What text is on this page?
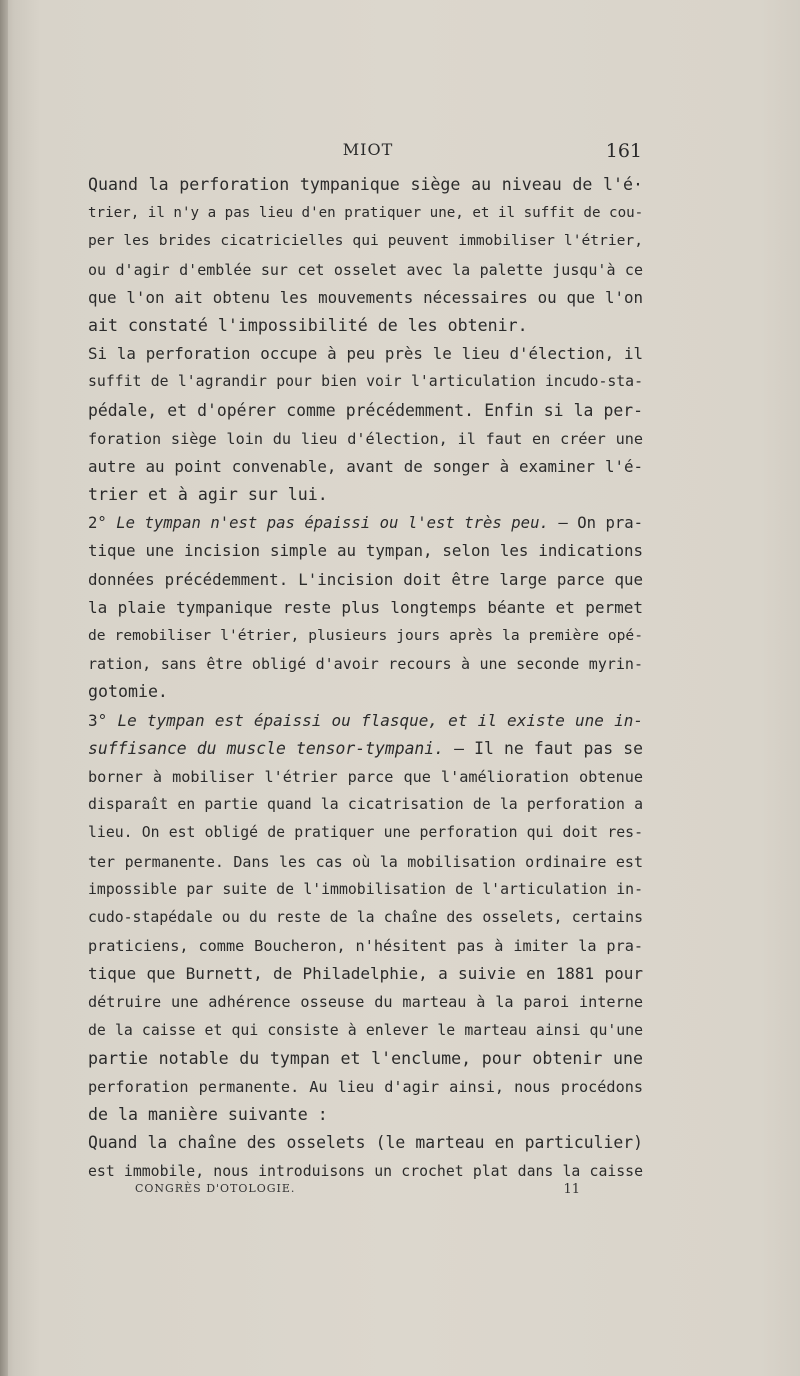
MIOT	161
Quand la perforation tympanique siège au niveau de l'é·
trier, il n'y a pas lieu d'en pratiquer une, et il suffit de cou-
per les brides cicatricielles qui peuvent immobiliser l'étrier,
ou d'agir d'emblée sur cet osselet avec la palette jusqu'à ce
que l'on ait obtenu les mouvements nécessaires ou que l'on
ait constaté l'impossibilité de les obtenir.
Si la perforation occupe à peu près le lieu d'élection, il
suffit de l'agrandir pour bien voir l'articulation incudo-sta-
pédale, et d'opérer comme précédemment. Enfin si la per-
foration siège loin du lieu d'élection, il faut en créer une
autre au point convenable, avant de songer à examiner l'é-
trier et à agir sur lui.
2° Le tympan n'est pas épaissi ou l'est très peu. — On pra-
tique une incision simple au tympan, selon les indications
données précédemment. L'incision doit être large parce que
la plaie tympanique reste plus longtemps béante et permet
de remobiliser l'étrier, plusieurs jours après la première opé-
ration, sans être obligé d'avoir recours à une seconde myrin-
gotomie.
3° Le tympan est épaissi ou flasque, et il existe une in-
suffisance du muscle tensor-tympani. — Il ne faut pas se
borner à mobiliser l'étrier parce que l'amélioration obtenue
disparaît en partie quand la cicatrisation de la perforation a
lieu. On est obligé de pratiquer une perforation qui doit res-
ter permanente. Dans les cas où la mobilisation ordinaire est
impossible par suite de l'immobilisation de l'articulation in-
cudo-stapédale ou du reste de la chaîne des osselets, certains
praticiens, comme Boucheron, n'hésitent pas à imiter la pra-
tique que Burnett, de Philadelphie, a suivie en 1881 pour
détruire une adhérence osseuse du marteau à la paroi interne
de la caisse et qui consiste à enlever le marteau ainsi qu'une
partie notable du tympan et l'enclume, pour obtenir une
perforation permanente. Au lieu d'agir ainsi, nous procédons
de la manière suivante :
Quand la chaîne des osselets (le marteau en particulier)
est immobile, nous introduisons un crochet plat dans la caisse
CONGRÈS D'OTOLOGIE.	11
